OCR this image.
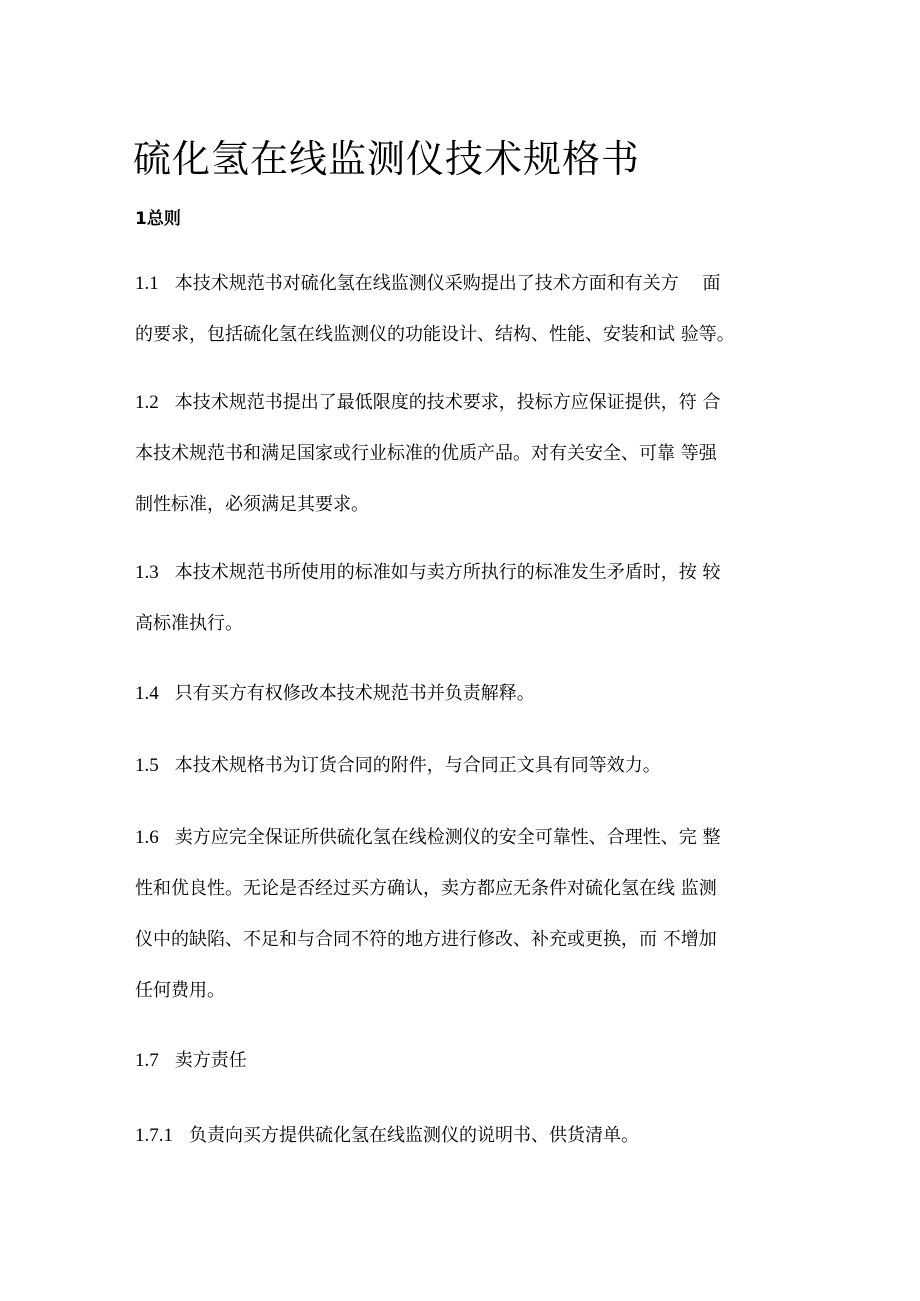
硫化氢在线监测仪技术规格书
1总则
1.1 本技术规范书对硫化氢在线监测仪采购提出了技术方面和有关方　 面
的要求，包括硫化氢在线监测仪的功能设计、结构、性能、安装和试 验等。
1.2 本技术规范书提出了最低限度的技术要求，投标方应保证提供，符 合
本技术规范书和满足国家或行业标准的优质产品。对有关安全、可靠 等强
制性标准，必须满足其要求。
1.3 本技术规范书所使用的标准如与卖方所执行的标准发生矛盾时，按 较
高标准执行。
1.4 只有买方有权修改本技术规范书并负责解释。
1.5 本技术规格书为订货合同的附件，与合同正文具有同等效力。
1.6 卖方应完全保证所供硫化氢在线检测仪的安全可靠性、合理性、完 整
性和优良性。无论是否经过买方确认，卖方都应无条件对硫化氢在线 监测
仪中的缺陷、不足和与合同不符的地方进行修改、补充或更换，而 不增加
任何费用。
1.7 卖方责任
1.7.1 负责向买方提供硫化氢在线监测仪的说明书、供货清单。
